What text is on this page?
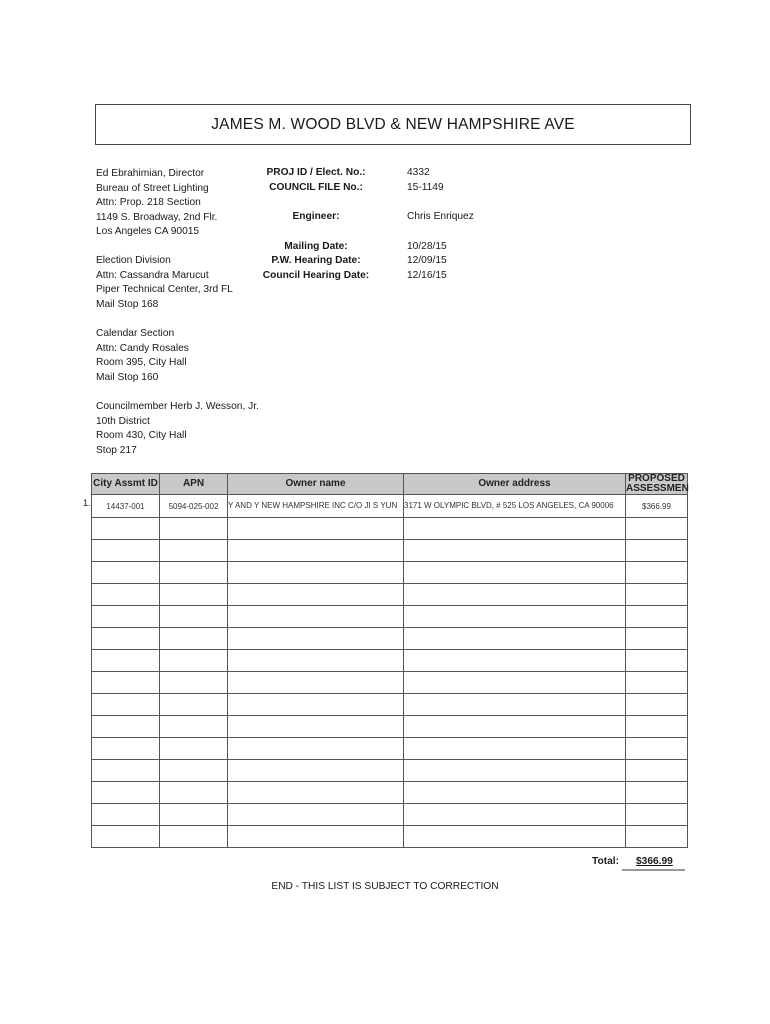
JAMES M. WOOD BLVD & NEW HAMPSHIRE AVE
Ed Ebrahimian, Director
Bureau of Street Lighting
Attn: Prop. 218 Section
1149 S. Broadway, 2nd Flr.
Los Angeles CA 90015
Election Division
Attn: Cassandra Marucut
Piper Technical Center, 3rd FL
Mail Stop 168
Calendar Section
Attn: Candy Rosales
Room 395, City Hall
Mail Stop 160
Councilmember Herb J. Wesson, Jr.
10th District
Room 430, City Hall
Stop 217
PROJ ID / Elect. No.:	4332
COUNCIL FILE No.:	15-1149
Engineer:	Chris Enriquez
Mailing Date:	10/28/15
P.W. Hearing Date:	12/09/15
Council Hearing Date:	12/16/15
1.
City Assmt ID	APN	Owner name	Owner address	PROPOSED
ASSESSMEN

14437-001	5094-025-002	Y AND Y NEW HAMPSHIRE INC C/O JI S YUN	3171 W OLYMPIC BLVD, # 525 LOS ANGELES, CA 90006	$366.99

Total: $366.99
END - THIS LIST IS SUBJECT TO CORRECTION
